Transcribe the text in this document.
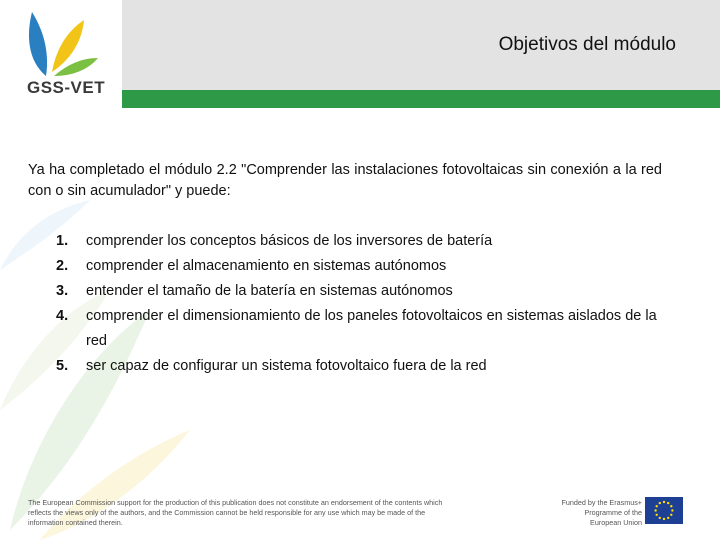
GSS-VET
Objetivos del módulo
Ya ha completado el módulo 2.2 "Comprender las instalaciones fotovoltaicas sin conexión a la red con o sin acumulador" y puede:
1. comprender los conceptos básicos de los inversores de batería
2. comprender el almacenamiento en sistemas autónomos
3. entender el tamaño de la batería en sistemas autónomos
4. comprender el dimensionamiento de los paneles fotovoltaicos en sistemas aislados de la red
5. ser capaz de configurar un sistema fotovoltaico fuera de la red
The European Commission support for the production of this publication does not constitute an endorsement of the contents which reflects the views only of the authors, and the Commission cannot be held responsible for any use which may be made of the information contained therein.
Funded by the Erasmus+ Programme of the European Union
